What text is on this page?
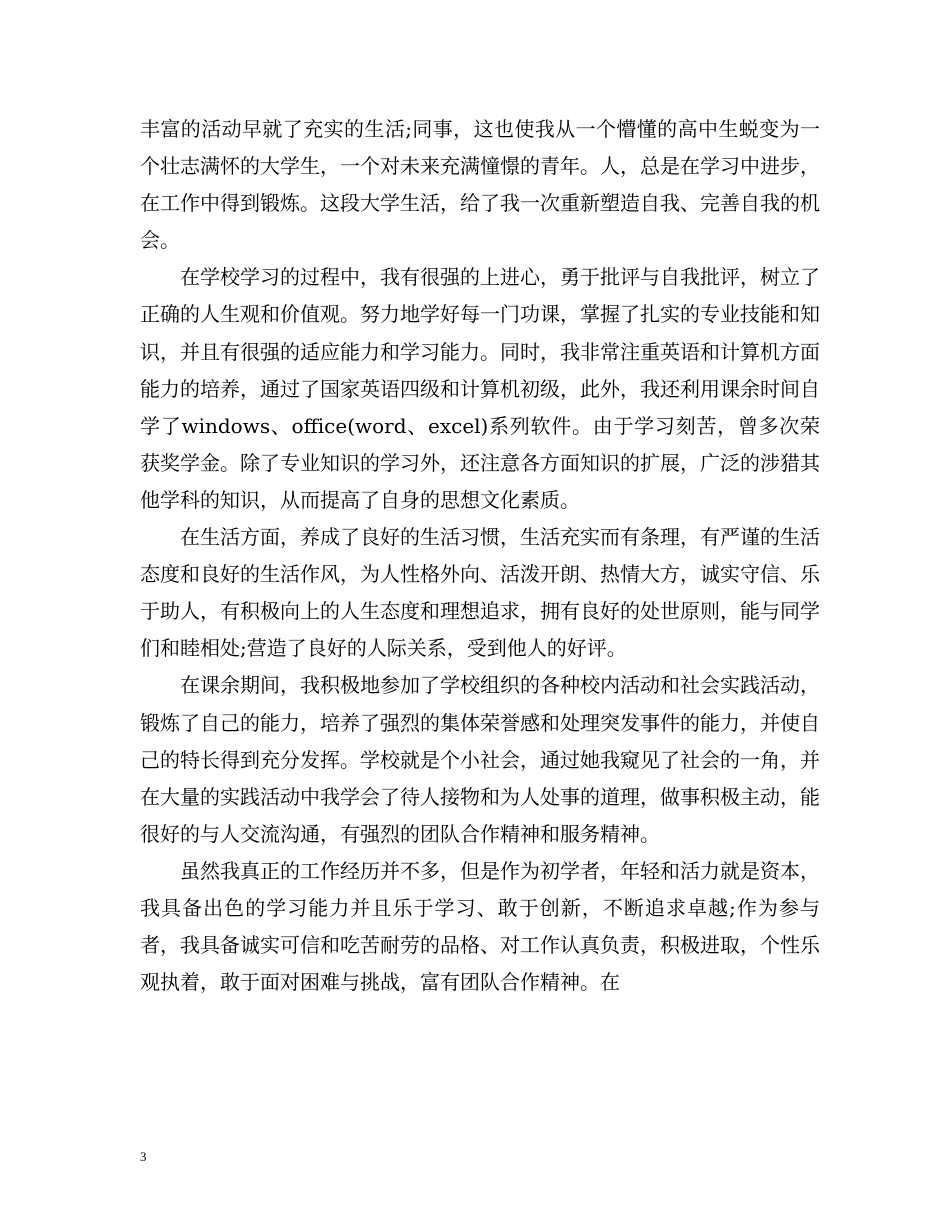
丰富的活动早就了充实的生活;同事，这也使我从一个懵懂的高中生蜕变为一个壮志满怀的大学生，一个对未来充满憧憬的青年。人，总是在学习中进步，在工作中得到锻炼。这段大学生活，给了我一次重新塑造自我、完善自我的机会。

在学校学习的过程中，我有很强的上进心，勇于批评与自我批评，树立了正确的人生观和价值观。努力地学好每一门功课，掌握了扎实的专业技能和知识，并且有很强的适应能力和学习能力。同时，我非常注重英语和计算机方面能力的培养，通过了国家英语四级和计算机初级，此外，我还利用课余时间自学了windows、office(word、excel)系列软件。由于学习刻苦，曾多次荣获奖学金。除了专业知识的学习外，还注意各方面知识的扩展，广泛的涉猎其他学科的知识，从而提高了自身的思想文化素质。

在生活方面，养成了良好的生活习惯，生活充实而有条理，有严谨的生活态度和良好的生活作风，为人性格外向、活泼开朗、热情大方，诚实守信、乐于助人，有积极向上的人生态度和理想追求，拥有良好的处世原则，能与同学们和睦相处;营造了良好的人际关系，受到他人的好评。

在课余期间，我积极地参加了学校组织的各种校内活动和社会实践活动，锻炼了自己的能力，培养了强烈的集体荣誉感和处理突发事件的能力，并使自己的特长得到充分发挥。学校就是个小社会，通过她我窥见了社会的一角，并在大量的实践活动中我学会了待人接物和为人处事的道理，做事积极主动，能很好的与人交流沟通，有强烈的团队合作精神和服务精神。

虽然我真正的工作经历并不多，但是作为初学者，年轻和活力就是资本，我具备出色的学习能力并且乐于学习、敢于创新，不断追求卓越;作为参与者，我具备诚实可信和吃苦耐劳的品格、对工作认真负责，积极进取，个性乐观执着，敢于面对困难与挑战，富有团队合作精神。在

3
